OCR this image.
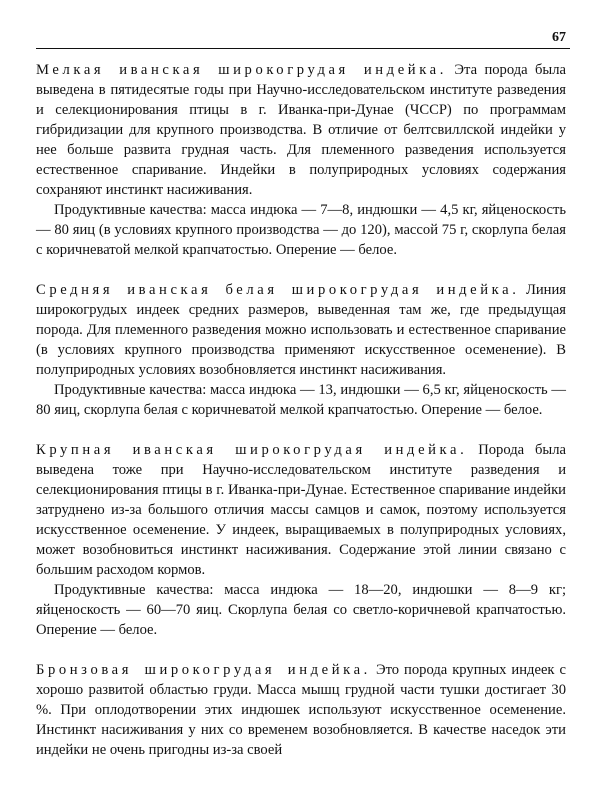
67

Мелкая иванская широкогрудая индейка. Эта порода была выведена в пятидесятые годы при Научно-исследовательском институте разведения и селекционирования птицы в г. Иванка-при-Дунае (ЧССР) по программам гибридизации для крупного производства. В отличие от белтсвиллской индейки у нее больше развита грудная часть. Для племенного разведения используется естественное спаривание. Индейки в полуприродных условиях содержания сохраняют инстинкт насиживания.

Продуктивные качества: масса индюка — 7—8, индюшки — 4,5 кг, яйценоскость — 80 яиц (в условиях крупного производства — до 120), массой 75 г, скорлупа белая с коричневатой мелкой крапчатостью. Оперение — белое.

Средняя иванская белая широкогрудая индейка. Линия широкогрудых индеек средних размеров, выведенная там же, где предыдущая порода. Для племенного разведения можно использовать и естественное спаривание (в условиях крупного производства применяют искусственное осеменение). В полуприродных условиях возобновляется инстинкт насиживания.

Продуктивные качества: масса индюка — 13, индюшки — 6,5 кг, яйценоскость — 80 яиц, скорлупа белая с коричневатой мелкой крапчатостью. Оперение — белое.

Крупная иванская широкогрудая индейка. Порода была выведена тоже при Научно-исследовательском институте разведения и селекционирования птицы в г. Иванка-при-Дунае. Естественное спаривание индейки затруднено из-за большого отличия массы самцов и самок, поэтому используется искусственное осеменение. У индеек, выращиваемых в полуприродных условиях, может возобновиться инстинкт насиживания. Содержание этой линии связано с большим расходом кормов.

Продуктивные качества: масса индюка — 18—20, индюшки — 8—9 кг; яйценоскость — 60—70 яиц. Скорлупа белая со светло-коричневой крапчатостью. Оперение — белое.

Бронзовая широкогрудая индейка. Это порода крупных индеек с хорошо развитой областью груди. Масса мышц грудной части тушки достигает 30 %. При оплодотворении этих индюшек используют искусственное осеменение. Инстинкт насиживания у них со временем возобновляется. В качестве наседок эти индейки не очень пригодны из-за своей
